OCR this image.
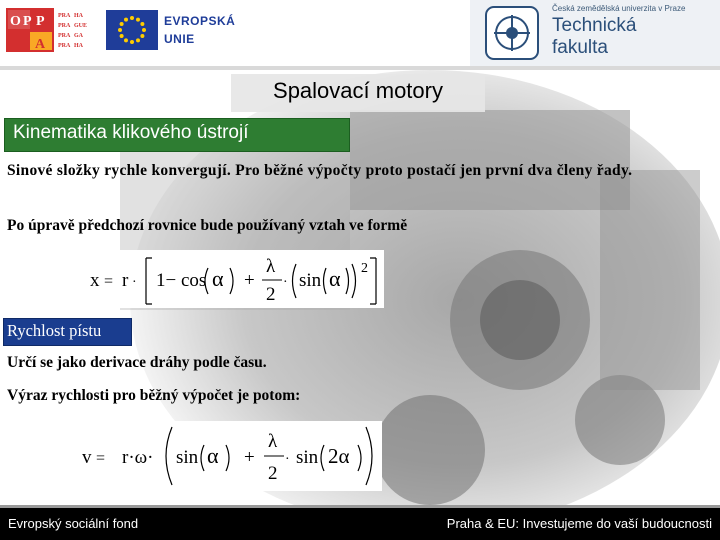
O P P
A
PRA
PRA
PRA
PRA
HA
GUE
GA
HA
EVROPSKÁ
UNIE
Česká zemědělská univerzita v Praze
Technická
fakulta
Spalovací motory
Kinematika klikového ústrojí
Sinové složky rychle konvergují. Pro běžné výpočty proto postačí jen první dva členy řady.
Po úpravě předchozí rovnice bude používaný vztah ve formě
x = r · 1− cos α +
λ
2
· sin α 2
Rychlost pístu
Určí se jako derivace dráhy podle času.
Výraz rychlosti pro běžný výpočet je potom:
v = r·ω· sin α +
λ
2
· sin 2α
Evropský sociální fond	Praha & EU: Investujeme do vaší budoucnosti
